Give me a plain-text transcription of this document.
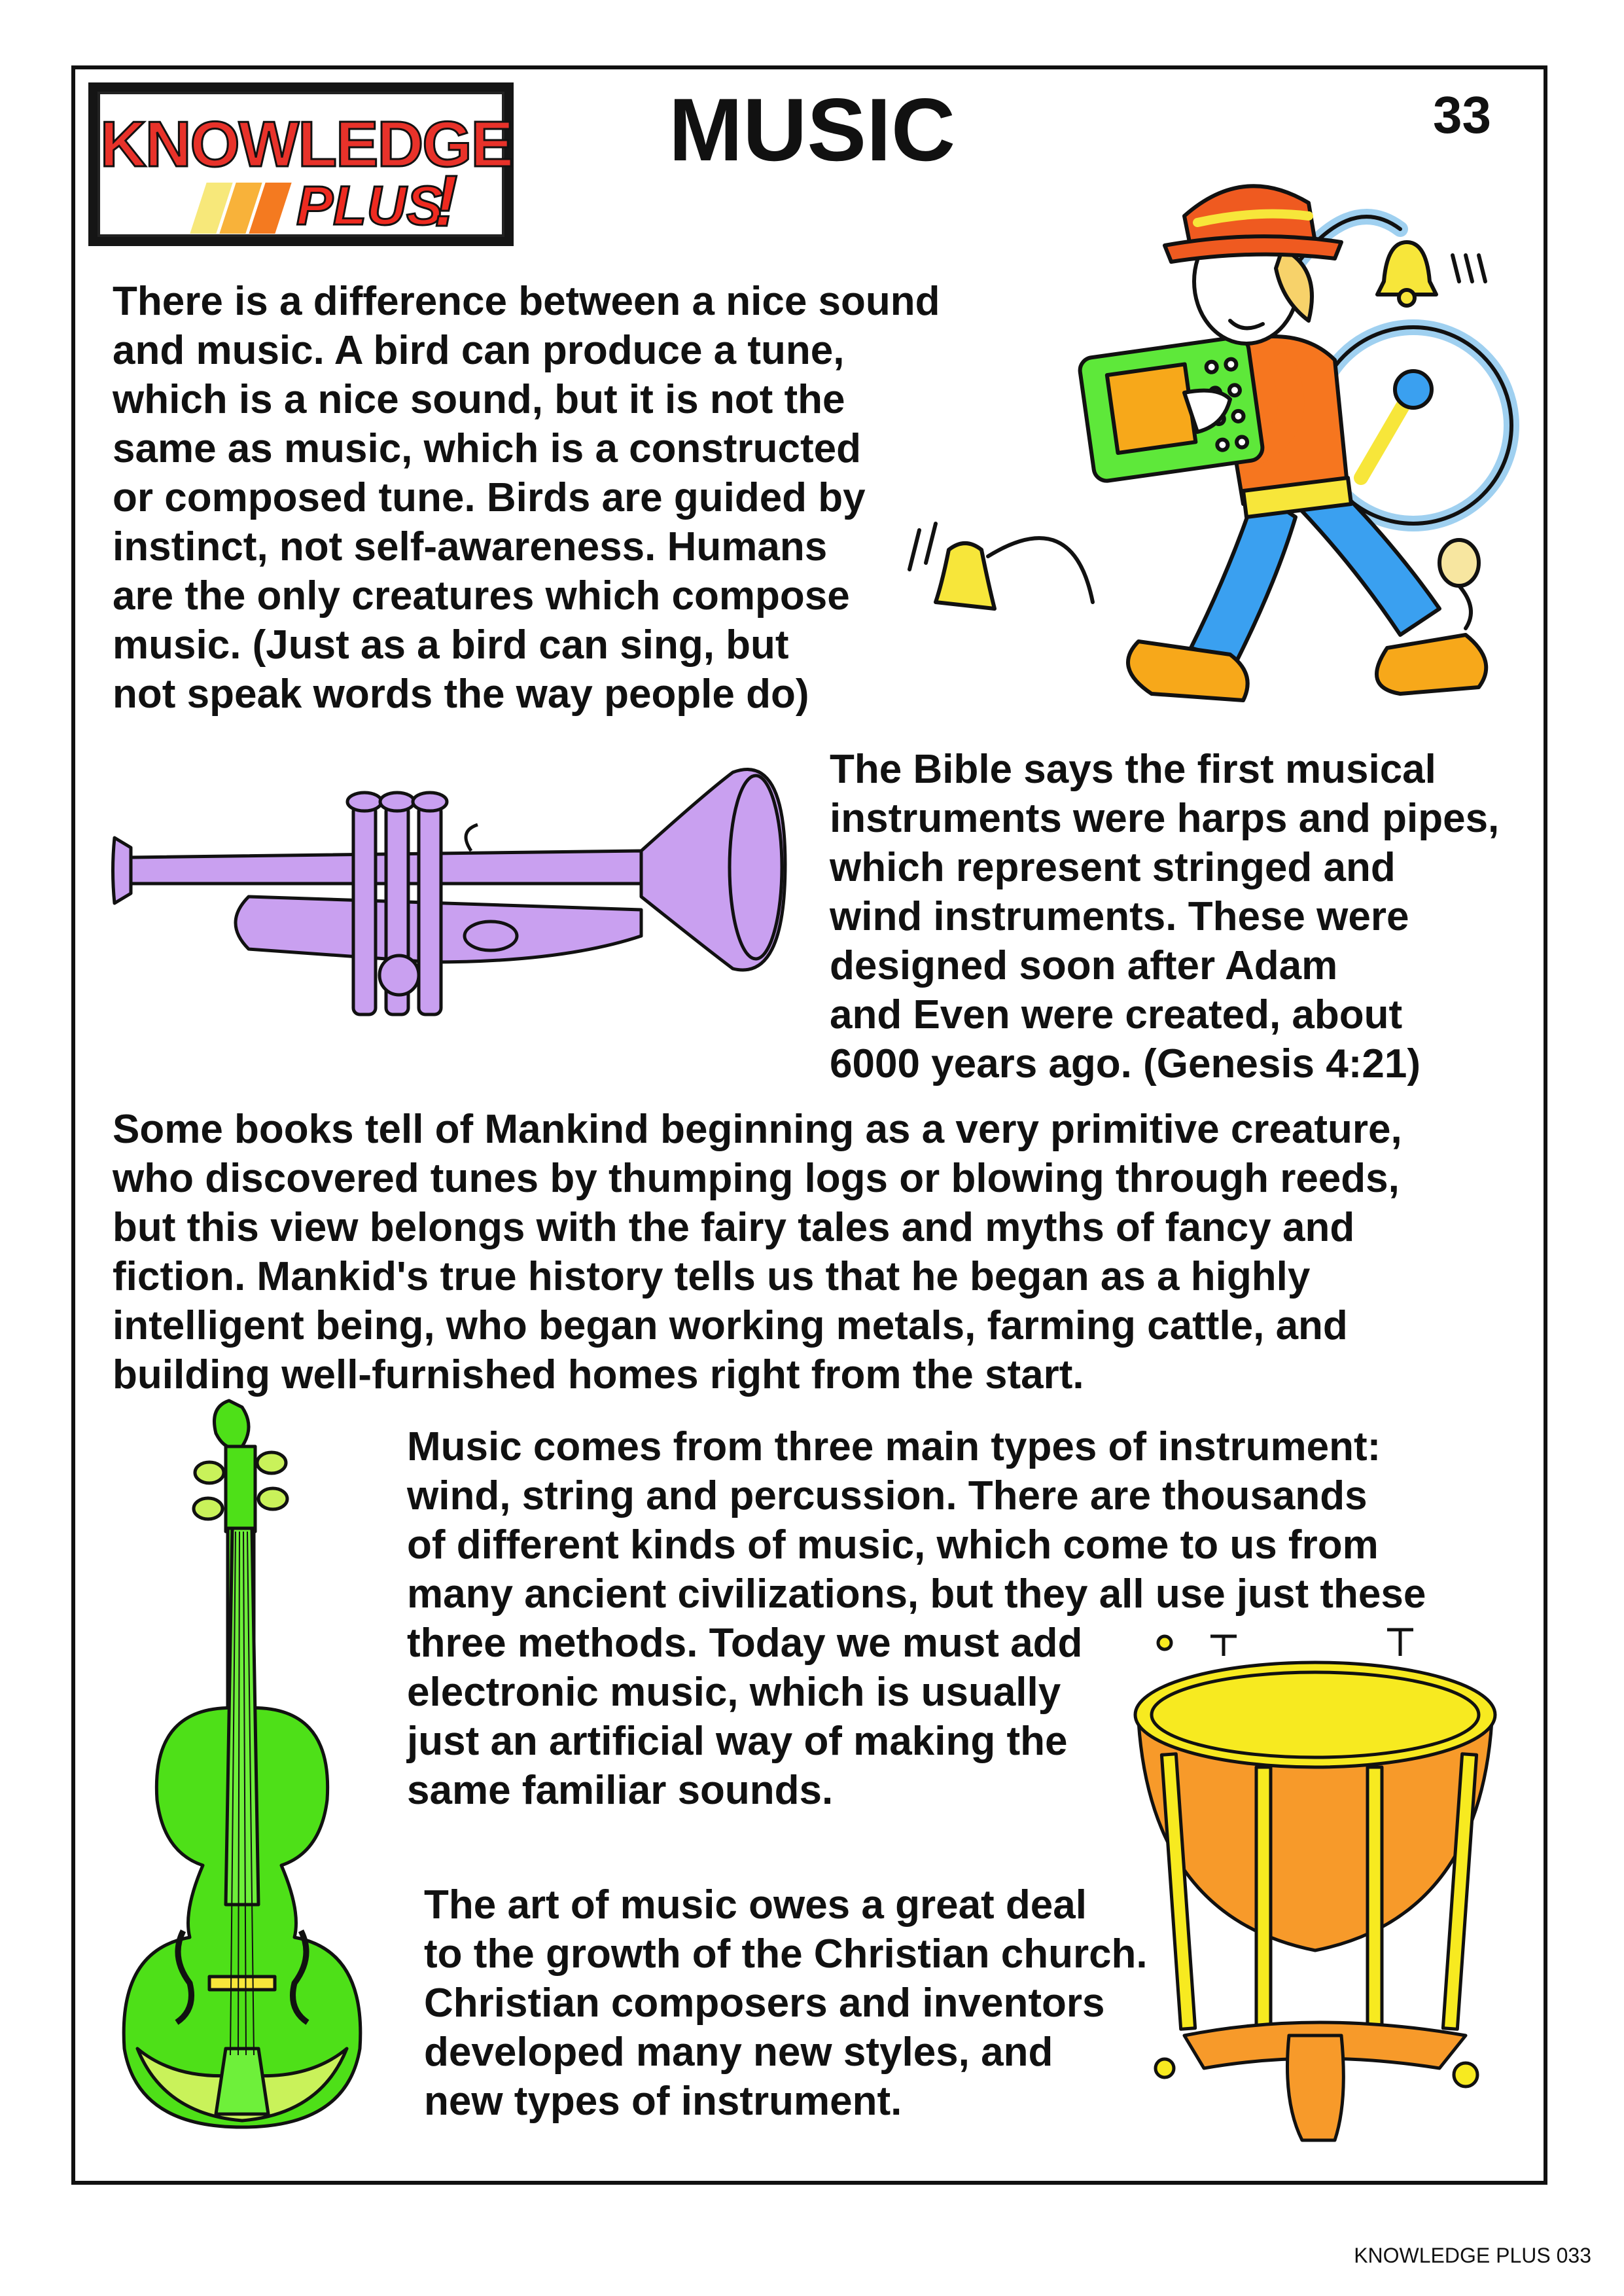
KNOWLEDGE
PLUS
!
MUSIC	33
There is a difference between a nice sound
and music. A bird can produce a tune,
which is a nice sound, but it is not the
same as music, which is a constructed
or composed tune. Birds are guided by
instinct, not self-awareness. Humans
are the only creatures which compose
music. (Just as a bird can sing, but
not speak words the way people do)
The Bible says the first musical
instruments were harps and pipes,
which represent stringed and
wind instruments. These were
designed soon after Adam
and Even were created, about
6000 years ago. (Genesis 4:21)
Some books tell of Mankind beginning as a very primitive creature,
who discovered tunes by thumping logs or blowing through reeds,
but this view belongs with the fairy tales and myths of fancy and
fiction. Mankid's true history tells us that he began as a highly
intelligent being, who began working metals, farming cattle, and
building well-furnished homes right from the start.
Music comes from three main types of instrument:
wind, string and percussion. There are thousands
of different kinds of music, which come to us from
many ancient civilizations, but they all use just these
three methods. Today we must add
electronic music, which is usually
just an artificial way of making the
same familiar sounds.
The art of music owes a great deal
to the growth of the Christian church.
Christian composers and inventors
developed many new styles, and
new types of instrument.
KNOWLEDGE PLUS 033
